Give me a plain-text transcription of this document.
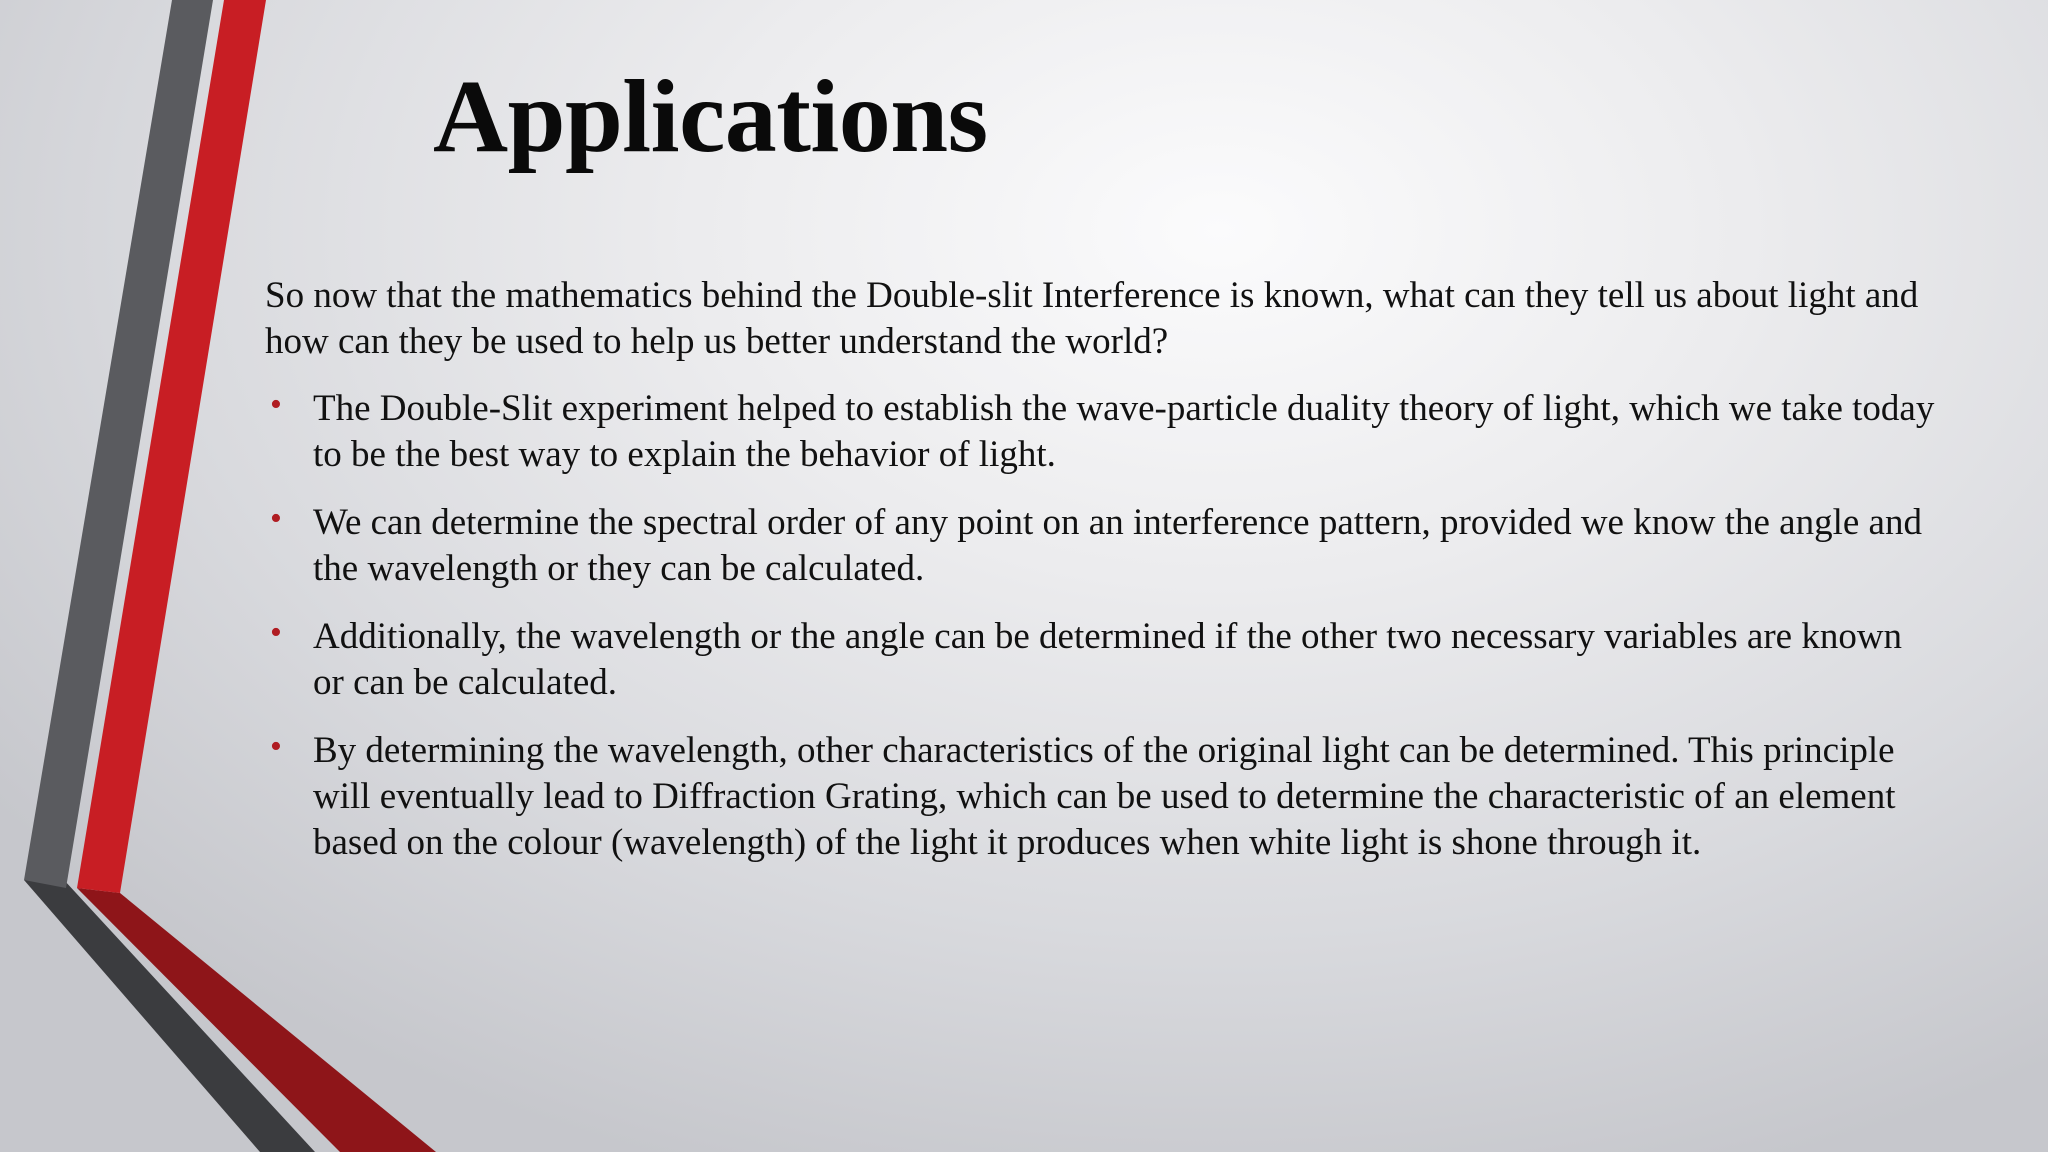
Applications

So now that the mathematics behind the Double-slit Interference is known, what can they tell us about light and how can they be used to help us better understand the world?

• The Double-Slit experiment helped to establish the wave-particle duality theory of light, which we take today to be the best way to explain the behavior of light.
• We can determine the spectral order of any point on an interference pattern, provided we know the angle and the wavelength or they can be calculated.
• Additionally, the wavelength or the angle can be determined if the other two necessary variables are known or can be calculated.
• By determining the wavelength, other characteristics of the original light can be determined. This principle will eventually lead to Diffraction Grating, which can be used to determine the characteristic of an element based on the colour (wavelength) of the light it produces when white light is shone through it.
